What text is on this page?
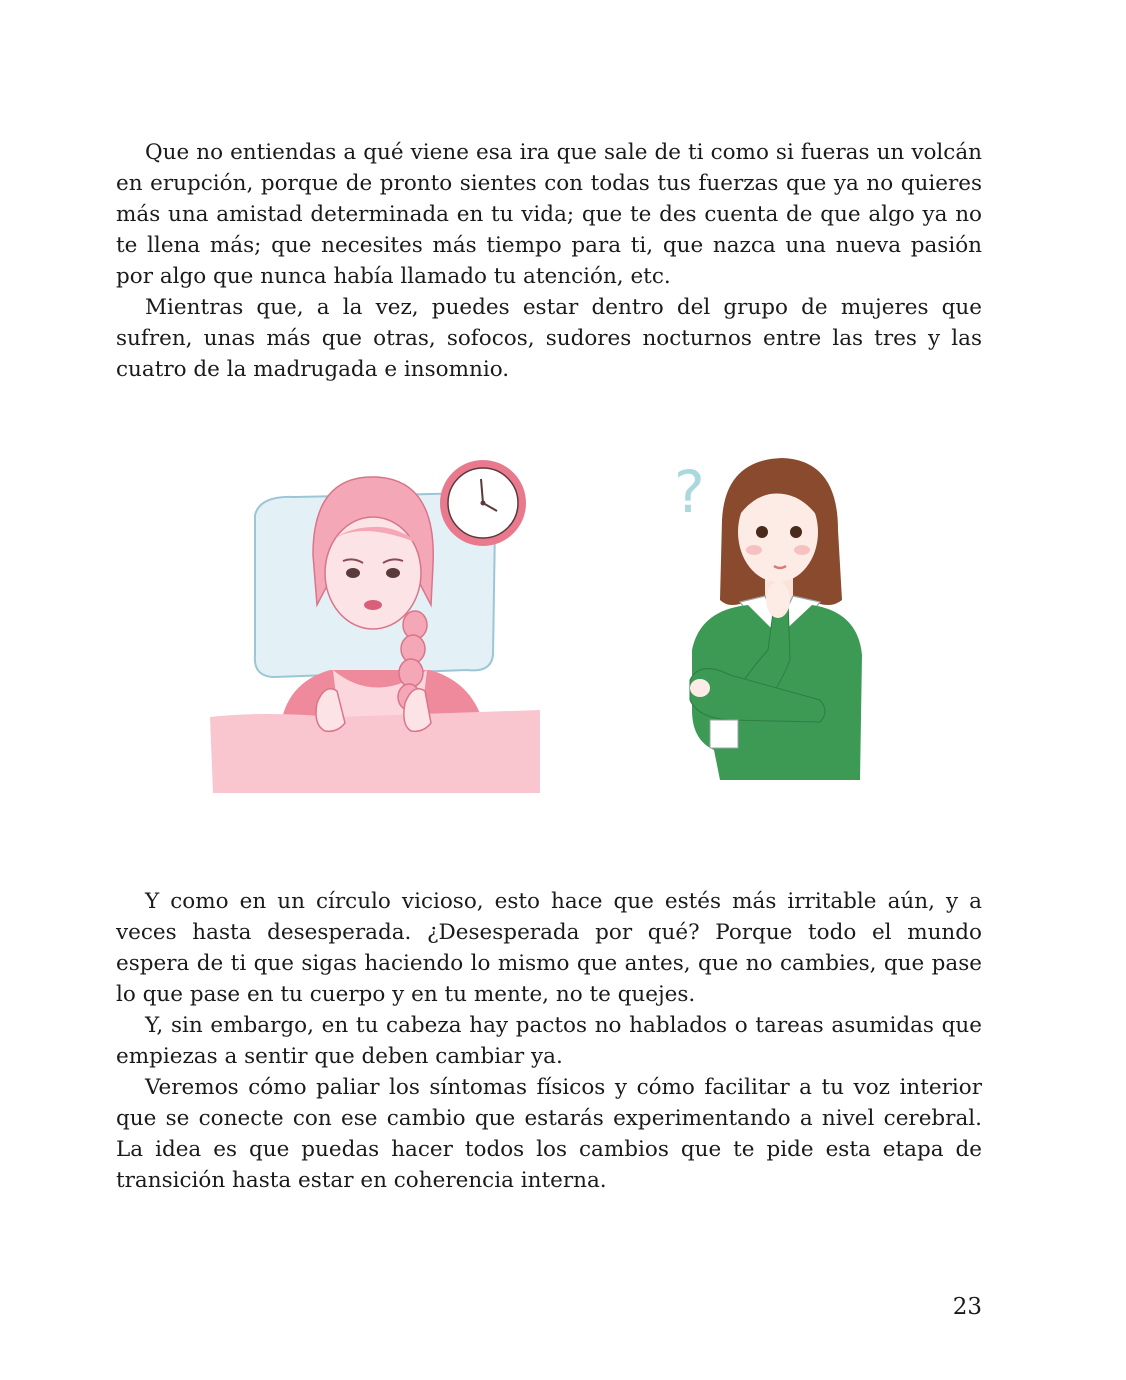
Que no entiendas a qué viene esa ira que sale de ti como si fueras un volcán en erupción, porque de pronto sientes con todas tus fuerzas que ya no quieres más una amistad determinada en tu vida; que te des cuenta de que algo ya no te llena más; que necesites más tiempo para ti, que nazca una nueva pasión por algo que nunca había llamado tu atención, etc.

Mientras que, a la vez, puedes estar dentro del grupo de mujeres que sufren, unas más que otras, sofocos, sudores nocturnos entre las tres y las cuatro de la madrugada e insomnio.

?

Y como en un círculo vicioso, esto hace que estés más irritable aún, y a veces hasta desesperada. ¿Desesperada por qué? Porque todo el mundo espera de ti que sigas haciendo lo mismo que antes, que no cambies, que pase lo que pase en tu cuerpo y en tu mente, no te quejes.

Y, sin embargo, en tu cabeza hay pactos no hablados o tareas asumidas que empiezas a sentir que deben cambiar ya.

Veremos cómo paliar los síntomas físicos y cómo facilitar a tu voz interior que se conecte con ese cambio que estarás experimentando a nivel cerebral. La idea es que puedas hacer todos los cambios que te pide esta etapa de transición hasta estar en coherencia interna.

23
